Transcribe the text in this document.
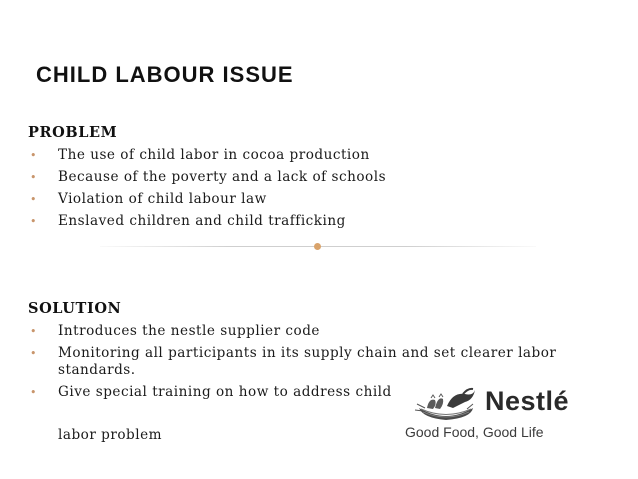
CHILD LABOUR ISSUE
PROBLEM
• The use of child labor in cocoa production
• Because of the poverty and a lack of schools
• Violation of child labour law
• Enslaved children and child trafficking
SOLUTION
• Introduces the nestle supplier code
• Monitoring all participants in its supply chain and set clearer labor standards.
• Give special training on how to address child
labor problem
Nestlé
Good Food, Good Life
